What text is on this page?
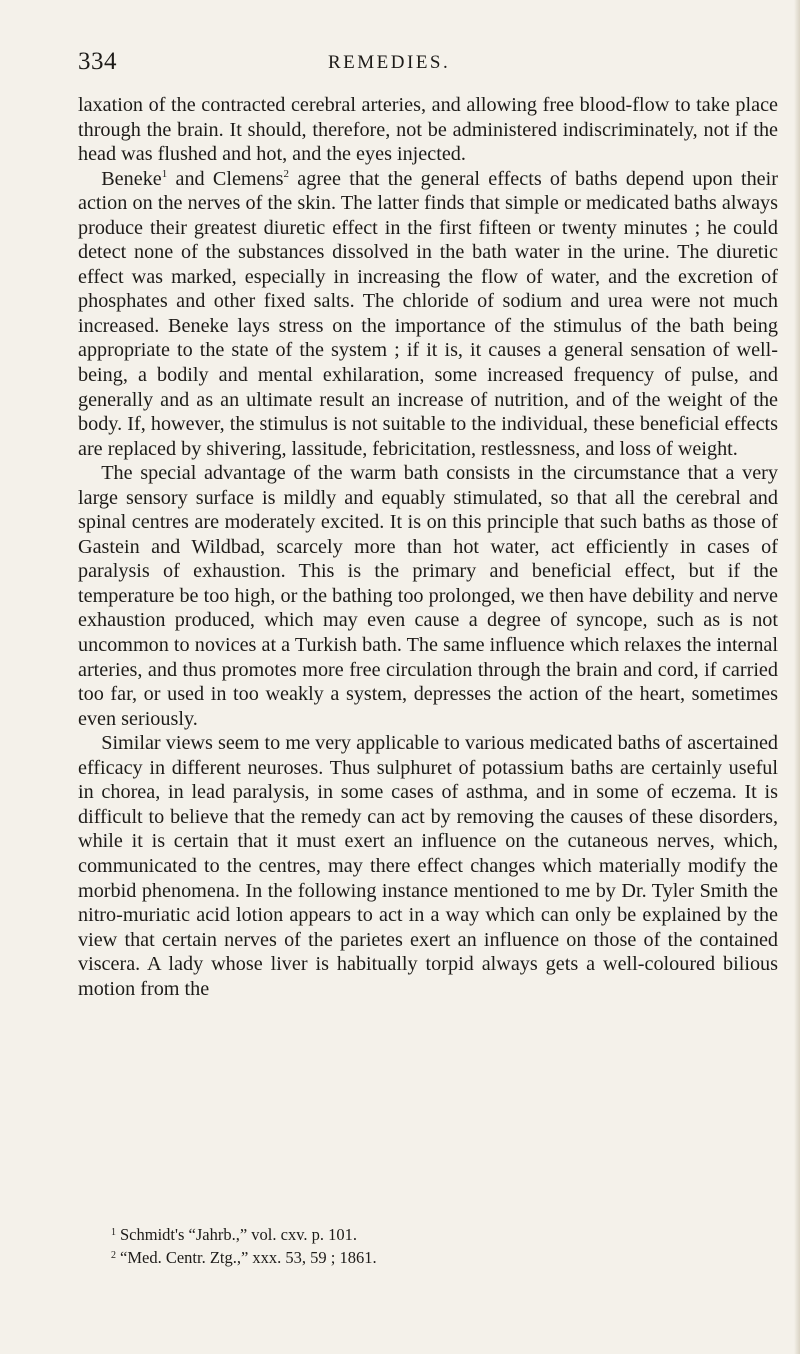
334	REMEDIES.

laxation of the contracted cerebral arteries, and allowing free blood-flow to take place through the brain. It should, therefore, not be administered indiscriminately, not if the head was flushed and hot, and the eyes injected.

Beneke$^1$ and Clemens$^2$ agree that the general effects of baths depend upon their action on the nerves of the skin. The latter finds that simple or medicated baths always produce their greatest diuretic effect in the first fifteen or twenty minutes ; he could detect none of the substances dissolved in the bath water in the urine. The diuretic effect was marked, especially in increasing the flow of water, and the excretion of phosphates and other fixed salts. The chloride of sodium and urea were not much increased. Beneke lays stress on the importance of the stimulus of the bath being appropriate to the state of the system ; if it is, it causes a general sensation of well-being, a bodily and mental exhilaration, some increased frequency of pulse, and generally and as an ultimate result an increase of nutrition, and of the weight of the body. If, however, the stimulus is not suitable to the individual, these beneficial effects are replaced by shivering, lassitude, febricitation, restlessness, and loss of weight.

The special advantage of the warm bath consists in the circumstance that a very large sensory surface is mildly and equably stimulated, so that all the cerebral and spinal centres are moderately excited. It is on this principle that such baths as those of Gastein and Wildbad, scarcely more than hot water, act efficiently in cases of paralysis of exhaustion. This is the primary and beneficial effect, but if the temperature be too high, or the bathing too prolonged, we then have debility and nerve exhaustion produced, which may even cause a degree of syncope, such as is not uncommon to novices at a Turkish bath. The same influence which relaxes the internal arteries, and thus promotes more free circulation through the brain and cord, if carried too far, or used in too weakly a system, depresses the action of the heart, sometimes even seriously.

Similar views seem to me very applicable to various medicated baths of ascertained efficacy in different neuroses. Thus sulphuret of potassium baths are certainly useful in chorea, in lead paralysis, in some cases of asthma, and in some of eczema. It is difficult to believe that the remedy can act by removing the causes of these disorders, while it is certain that it must exert an influence on the cutaneous nerves, which, communicated to the centres, may there effect changes which materially modify the morbid phenomena. In the following instance mentioned to me by Dr. Tyler Smith the nitro-muriatic acid lotion appears to act in a way which can only be explained by the view that certain nerves of the parietes exert an influence on those of the contained viscera. A lady whose liver is habitually torpid always gets a well-coloured bilious motion from the

1 Schmidt's “Jahrb.,” vol. cxv. p. 101.

2 “Med. Centr. Ztg.,” xxx. 53, 59 ; 1861.
